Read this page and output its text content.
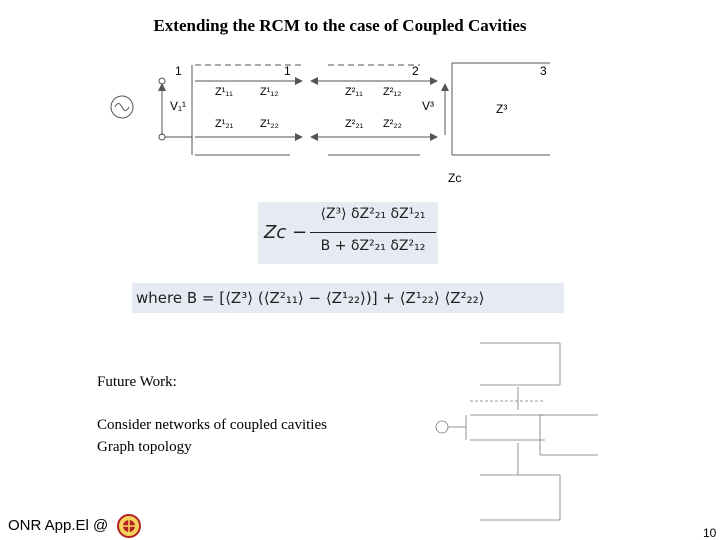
Extending the RCM to the case of Coupled Cavities
1	1	2	3
V₁¹	V³
Z¹₁₁ Z¹₁₂
Z¹₂₁ Z¹₂₂
Z²₁₁ Z²₁₂
Z²₂₁ Z²₂₂
Z³
Zc
Zc −
⟨Z³⟩ δZ²₂₁ δZ¹₂₁
B + δZ²₂₁ δZ²₁₂
where B = [⟨Z³⟩ (⟨Z²₁₁⟩ − ⟨Z¹₂₂⟩)] + ⟨Z¹₂₂⟩ ⟨Z²₂₂⟩
Future Work:
Consider networks of coupled cavities
Graph topology
ONR App.El @	10
